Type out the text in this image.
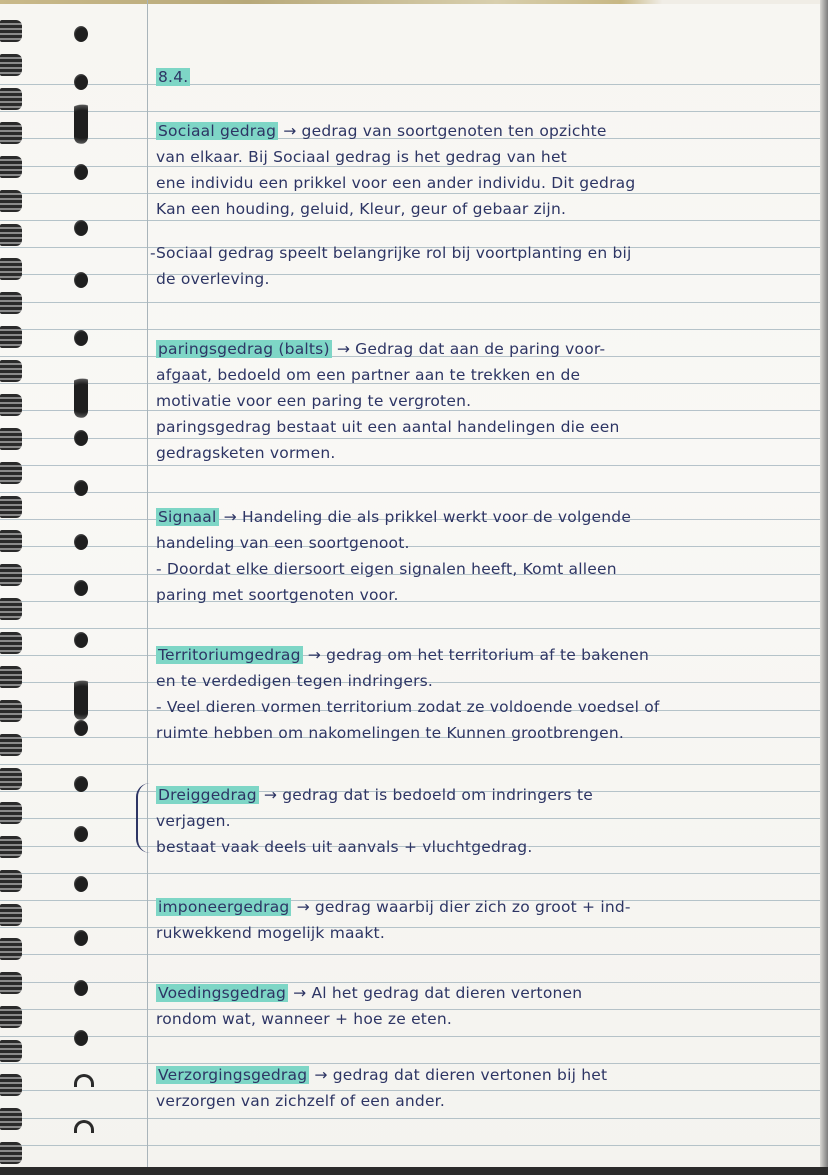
8.4.
Sociaal gedrag → gedrag van soortgenoten ten opzichte
van elkaar. Bij Sociaal gedrag is het gedrag van het
ene individu een prikkel voor een ander individu. Dit gedrag
Kan een houding, geluid, Kleur, geur of gebaar zijn.
- Sociaal gedrag speelt belangrijke rol bij voortplanting en bij
de overleving.
paringsgedrag (balts) → Gedrag dat aan de paring voor-
afgaat, bedoeld om een partner aan te trekken en de
motivatie voor een paring te vergroten.
paringsgedrag bestaat uit een aantal handelingen die een
gedragsketen vormen.
Signaal → Handeling die als prikkel werkt voor de volgende
handeling van een soortgenoot.
- Doordat elke diersoort eigen signalen heeft, Komt alleen
paring met soortgenoten voor.
Territoriumgedrag → gedrag om het territorium af te bakenen
en te verdedigen tegen indringers.
- Veel dieren vormen territorium zodat ze voldoende voedsel of
ruimte hebben om nakomelingen te Kunnen grootbrengen.
Dreiggedrag → gedrag dat is bedoeld om indringers te
verjagen.
bestaat vaak deels uit aanvals + vluchtgedrag.
imponeergedrag → gedrag waarbij dier zich zo groot + ind-
rukwekkend mogelijk maakt.
Voedingsgedrag → Al het gedrag dat dieren vertonen
rondom wat, wanneer + hoe ze eten.
Verzorgingsgedrag → gedrag dat dieren vertonen bij het
verzorgen van zichzelf of een ander.
